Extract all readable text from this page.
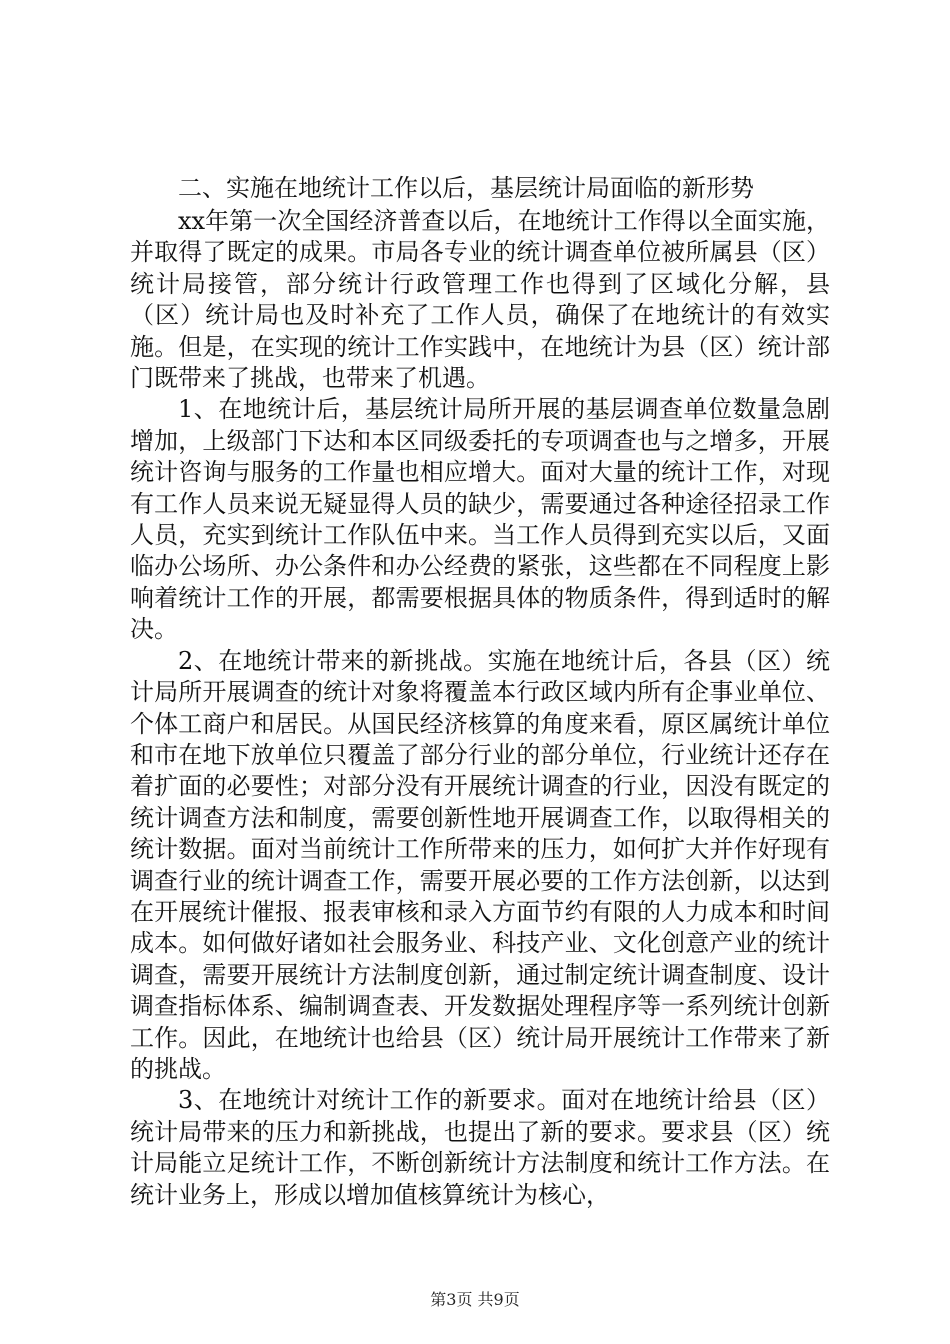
二、实施在地统计工作以后，基层统计局面临的新形势

xx年第一次全国经济普查以后，在地统计工作得以全面实施，并取得了既定的成果。市局各专业的统计调查单位被所属县（区）统计局接管，部分统计行政管理工作也得到了区域化分解，县（区）统计局也及时补充了工作人员，确保了在地统计的有效实施。但是，在实现的统计工作实践中，在地统计为县（区）统计部门既带来了挑战，也带来了机遇。

1、在地统计后，基层统计局所开展的基层调查单位数量急剧增加，上级部门下达和本区同级委托的专项调查也与之增多，开展统计咨询与服务的工作量也相应增大。面对大量的统计工作，对现有工作人员来说无疑显得人员的缺少，需要通过各种途径招录工作人员，充实到统计工作队伍中来。当工作人员得到充实以后，又面临办公场所、办公条件和办公经费的紧张，这些都在不同程度上影响着统计工作的开展，都需要根据具体的物质条件，得到适时的解决。

2、在地统计带来的新挑战。实施在地统计后，各县（区）统计局所开展调查的统计对象将覆盖本行政区域内所有企事业单位、个体工商户和居民。从国民经济核算的角度来看，原区属统计单位和市在地下放单位只覆盖了部分行业的部分单位，行业统计还存在着扩面的必要性；对部分没有开展统计调查的行业，因没有既定的统计调查方法和制度，需要创新性地开展调查工作，以取得相关的统计数据。面对当前统计工作所带来的压力，如何扩大并作好现有调查行业的统计调查工作，需要开展必要的工作方法创新，以达到在开展统计催报、报表审核和录入方面节约有限的人力成本和时间成本。如何做好诸如社会服务业、科技产业、文化创意产业的统计调查，需要开展统计方法制度创新，通过制定统计调查制度、设计调查指标体系、编制调查表、开发数据处理程序等一系列统计创新工作。因此，在地统计也给县（区）统计局开展统计工作带来了新的挑战。

3、在地统计对统计工作的新要求。面对在地统计给县（区）统计局带来的压力和新挑战，也提出了新的要求。要求县（区）统计局能立足统计工作，不断创新统计方法制度和统计工作方法。在统计业务上，形成以增加值核算统计为核心，

第3页 共9页
